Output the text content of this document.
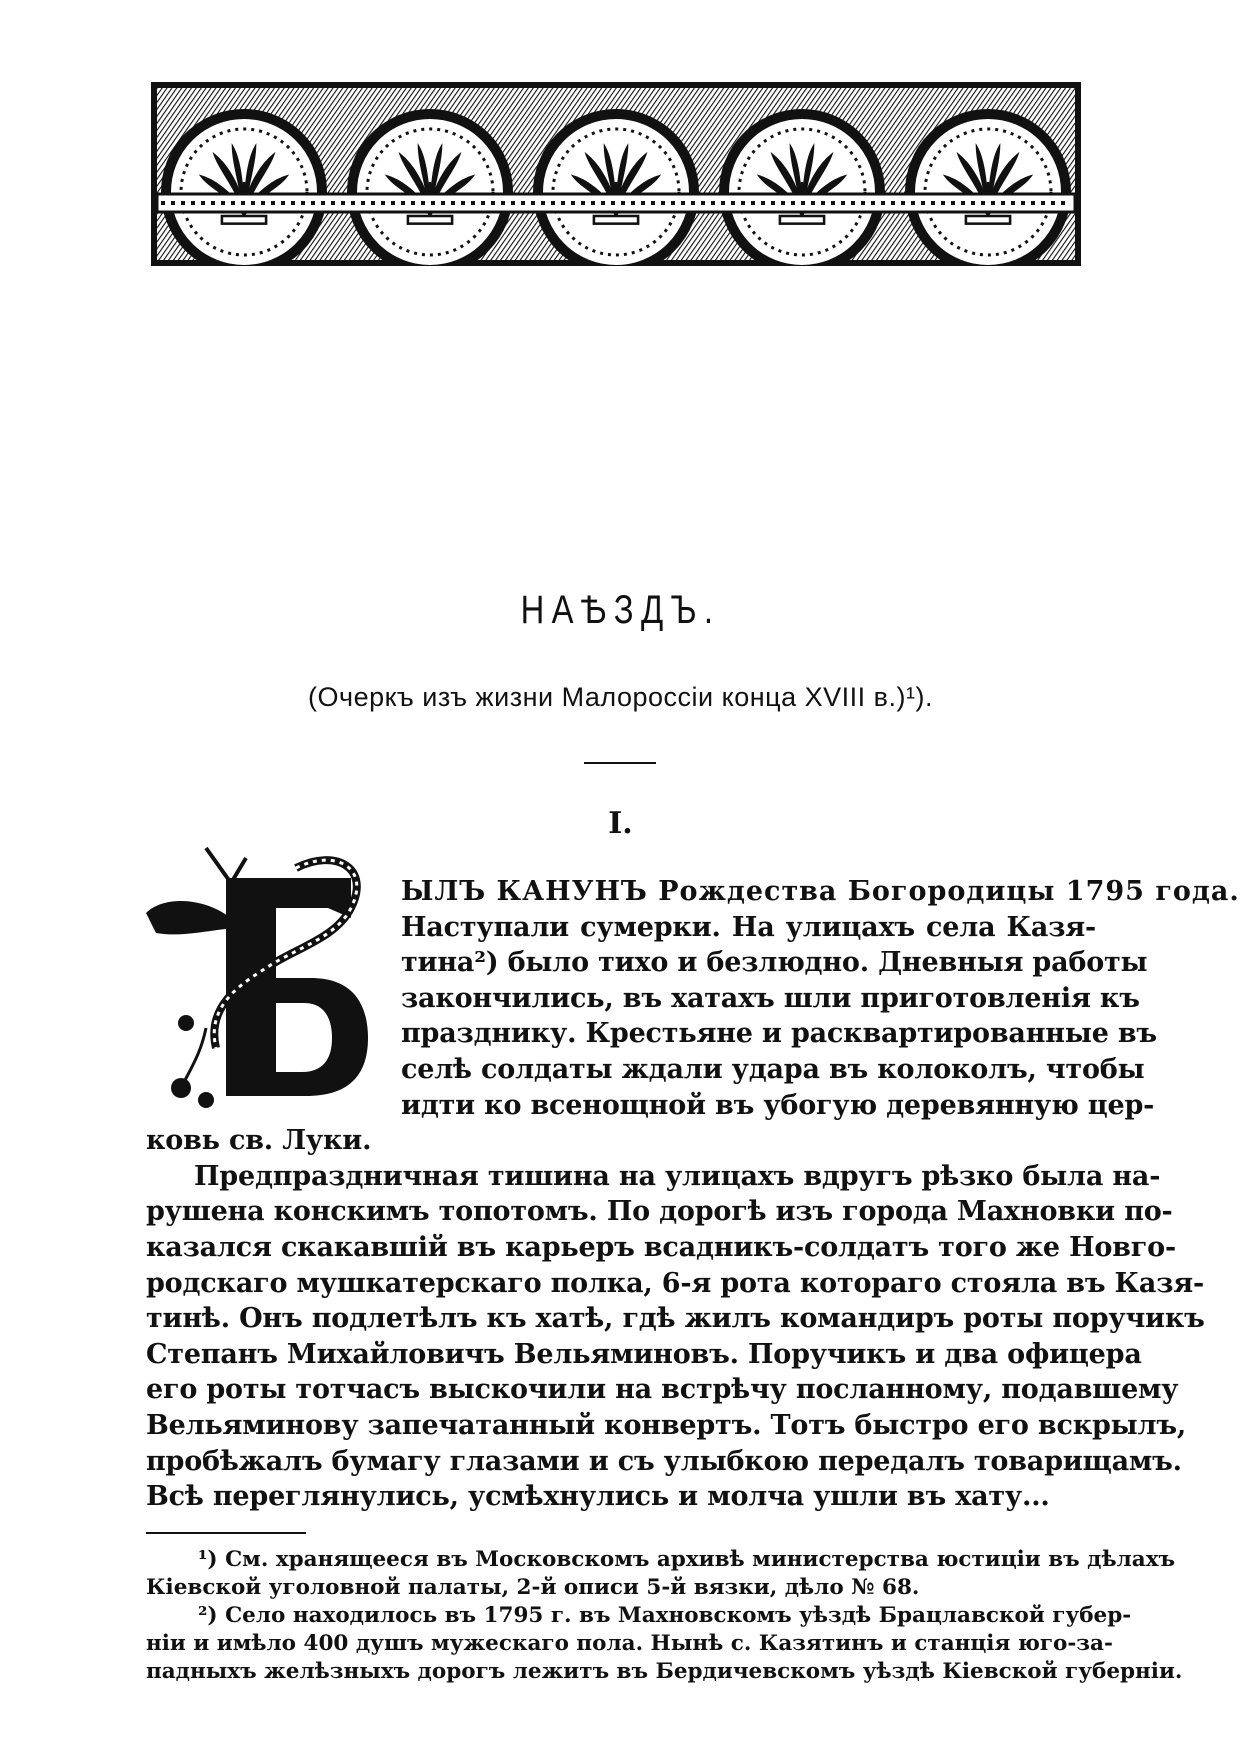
НАѢЗДЪ.
(Очеркъ изъ жизни Малороссіи конца XVIII в.)¹).
I.
ЫЛЪ КАНУНЪ Рождества Богородицы 1795 года.
Наступали сумерки. На улицахъ села Казя-
тина²) было тихо и безлюдно. Дневныя работы
закончились, въ хатахъ шли приготовленія къ
празднику. Крестьяне и расквартированные въ
селѣ солдаты ждали удара въ колоколъ, чтобы
идти ко всенощной въ убогую деревянную цер-
ковь св. Луки.
Предпраздничная тишина на улицахъ вдругъ рѣзко была на-
рушена конскимъ топотомъ. По дорогѣ изъ города Махновки по-
казался скакавшій въ карьеръ всадникъ-солдатъ того же Новго-
родскаго мушкатерскаго полка, 6-я рота котораго стояла въ Казя-
тинѣ. Онъ подлетѣлъ къ хатѣ, гдѣ жилъ командиръ роты поручикъ
Степанъ Михайловичъ Вельяминовъ. Поручикъ и два офицера
его роты тотчасъ выскочили на встрѣчу посланному, подавшему
Вельяминову запечатанный конвертъ. Тотъ быстро его вскрылъ,
пробѣжалъ бумагу глазами и съ улыбкою передалъ товарищамъ.
Всѣ переглянулись, усмѣхнулись и молча ушли въ хату...
¹) См. хранящееся въ Московскомъ архивѣ министерства юстиціи въ дѣлахъ
Кіевской уголовной палаты, 2-й описи 5-й вязки, дѣло № 68.
²) Село находилось въ 1795 г. въ Махновскомъ уѣздѣ Брацлавской губер-
ніи и имѣло 400 душъ мужескаго пола. Нынѣ с. Казятинъ и станція юго-за-
падныхъ желѣзныхъ дорогъ лежитъ въ Бердичевскомъ уѣздѣ Кіевской губерніи.
